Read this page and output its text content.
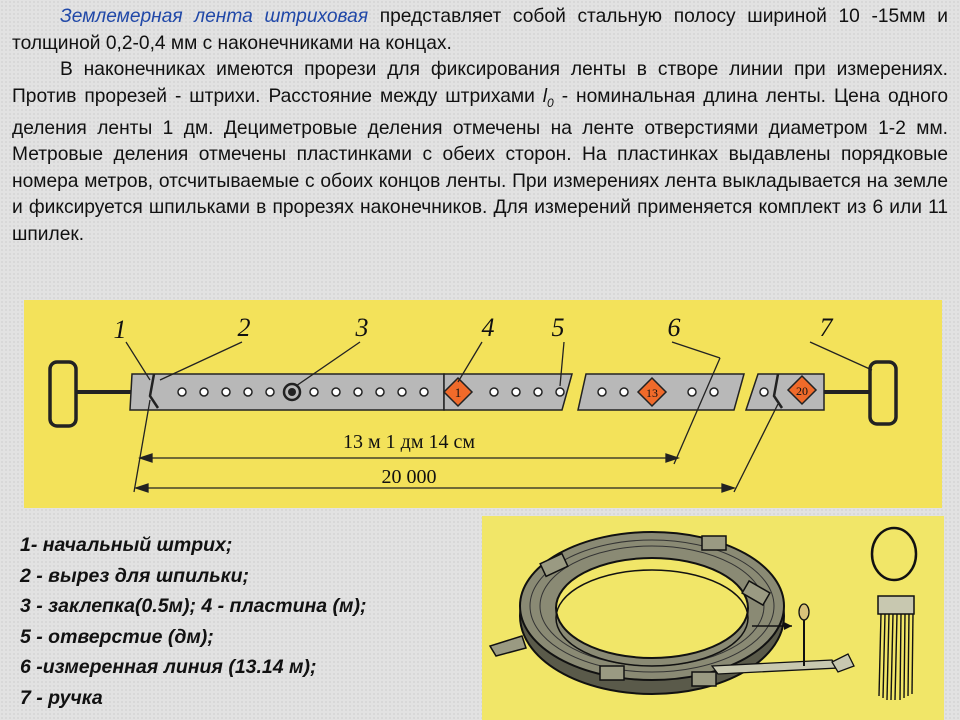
Землемерная лента штриховая представляет собой стальную полосу шириной 10 -15мм и толщиной 0,2-0,4 мм с наконечниками на концах.

В наконечниках имеются прорези для фиксирования ленты в створе линии при измерениях. Против прорезей - штрихи. Расстояние между штрихами $l_0$ - номинальная длина ленты. Цена одного деления ленты 1 дм. Дециметровые деления отмечены на ленте отверстиями диаметром 1-2 мм. Метровые деления отмечены пластинками с обеих сторон. На пластинках выдавлены порядковые номера метров, отсчитываемые с обоих концов ленты. При измерениях лента выкладывается на земле и фиксируется шпильками в прорезях наконечников. Для измерений применяется комплект из 6 или 11 шпилек.

1	13	20
1	2	3	4 5	6	7
13 м 1 дм 14 см
20 000
1- начальный штрих;
2 - вырез для шпильки;
3 - заклепка(0.5м); 4 - пластина (м);
5 - отверстие (дм);
6 -измеренная линия (13.14 м);
7 - ручка
